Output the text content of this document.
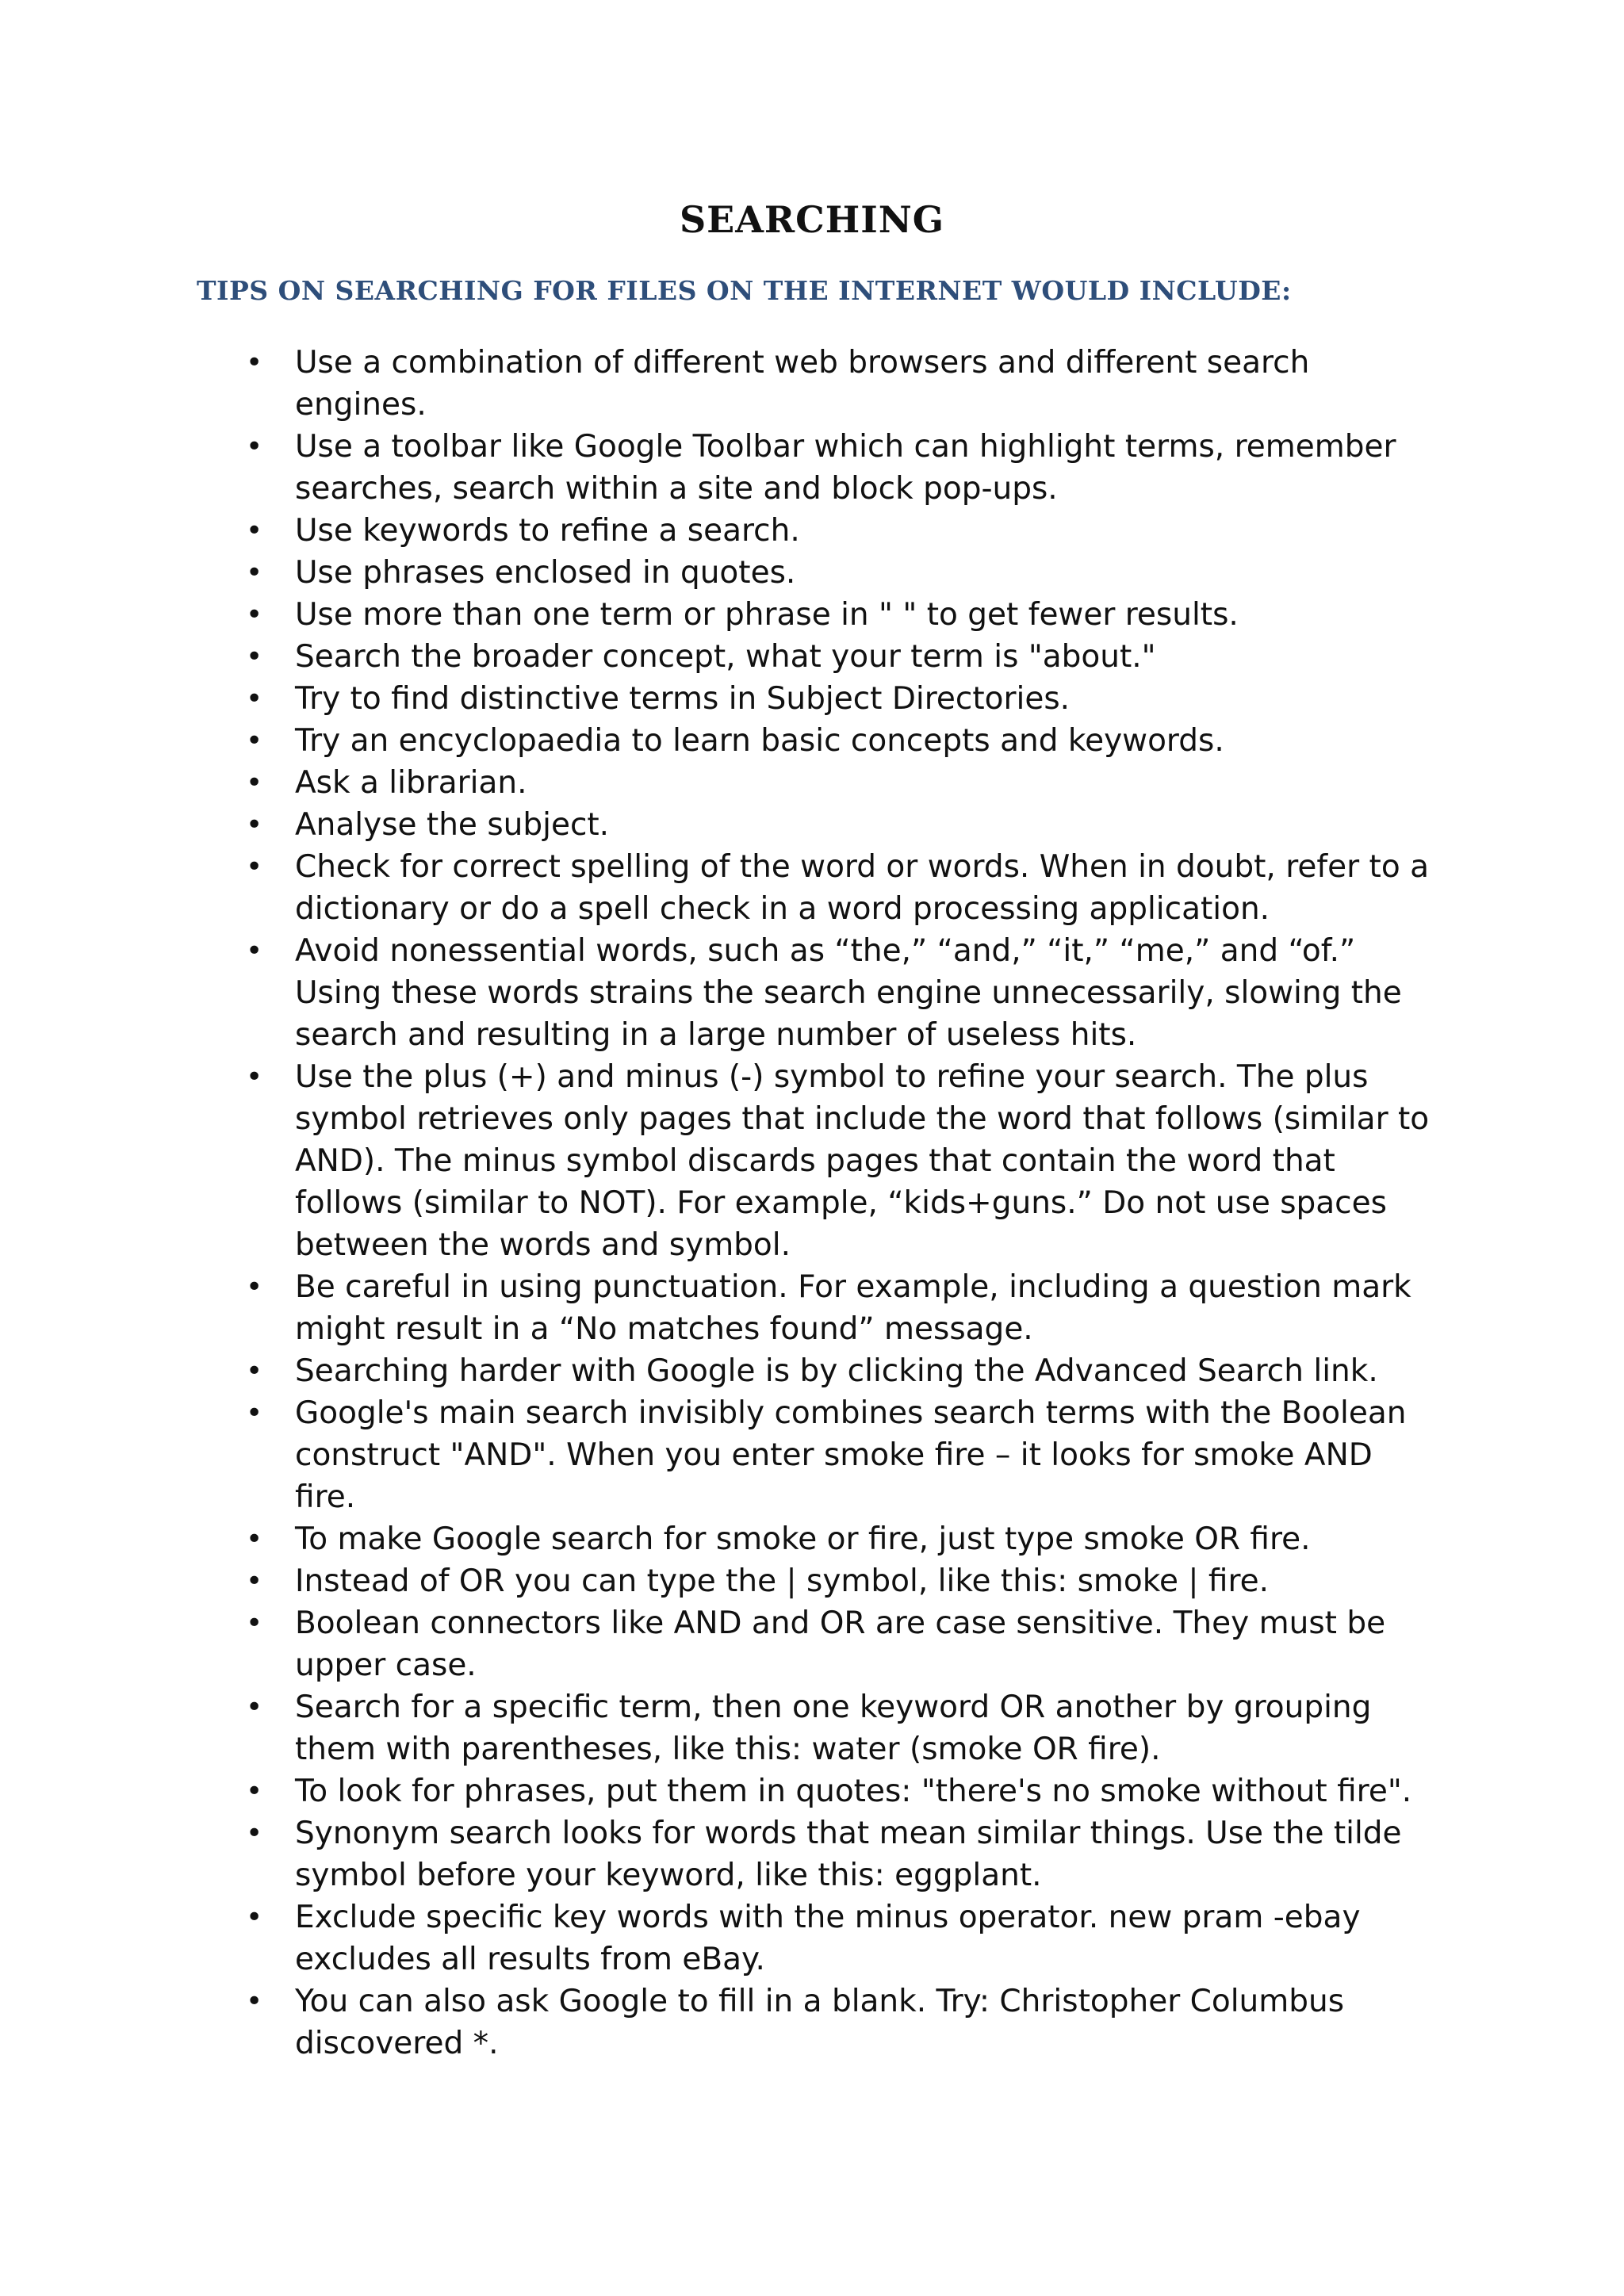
SEARCHING
TIPS ON SEARCHING FOR FILES ON THE INTERNET WOULD INCLUDE:
• Use a combination of different web browsers and different search engines.
• Use a toolbar like Google Toolbar which can highlight terms, remember searches, search within a site and block pop-ups.
• Use keywords to refine a search.
• Use phrases enclosed in quotes.
• Use more than one term or phrase in " " to get fewer results.
• Search the broader concept, what your term is "about."
• Try to find distinctive terms in Subject Directories.
• Try an encyclopaedia to learn basic concepts and keywords.
• Ask a librarian.
• Analyse the subject.
• Check for correct spelling of the word or words. When in doubt, refer to a dictionary or do a spell check in a word processing application.
• Avoid nonessential words, such as “the,” “and,” “it,” “me,” and “of.” Using these words strains the search engine unnecessarily, slowing the search and resulting in a large number of useless hits.
• Use the plus (+) and minus (-) symbol to refine your search. The plus symbol retrieves only pages that include the word that follows (similar to AND). The minus symbol discards pages that contain the word that follows (similar to NOT). For example, “kids+guns.” Do not use spaces between the words and symbol.
• Be careful in using punctuation. For example, including a question mark might result in a “No matches found” message.
• Searching harder with Google is by clicking the Advanced Search link.
• Google's main search invisibly combines search terms with the Boolean construct "AND". When you enter smoke fire – it looks for smoke AND fire.
• To make Google search for smoke or fire, just type smoke OR fire.
• Instead of OR you can type the | symbol, like this: smoke | fire.
• Boolean connectors like AND and OR are case sensitive. They must be upper case.
• Search for a specific term, then one keyword OR another by grouping them with parentheses, like this: water (smoke OR fire).
• To look for phrases, put them in quotes: "there's no smoke without fire".
• Synonym search looks for words that mean similar things. Use the tilde symbol before your keyword, like this: eggplant.
• Exclude specific key words with the minus operator. new pram -ebay excludes all results from eBay.
• You can also ask Google to fill in a blank. Try: Christopher Columbus discovered *.
